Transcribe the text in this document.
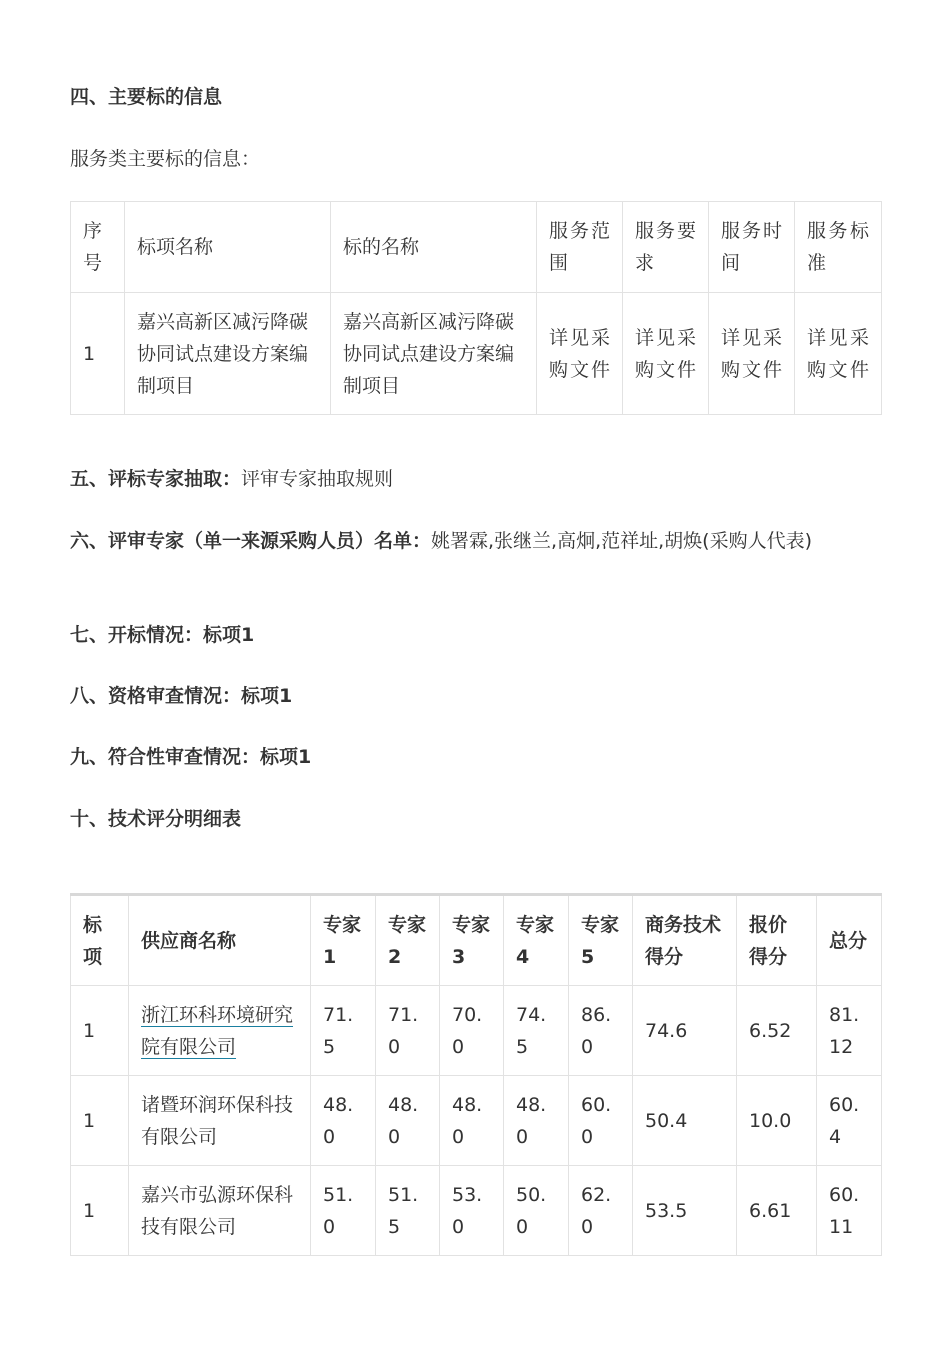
四、主要标的信息
服务类主要标的信息：
序号	标项名称	标的名称	服务范围	服务要求	服务时间	服务标准
1	嘉兴高新区减污降碳协同试点建设方案编制项目	嘉兴高新区减污降碳协同试点建设方案编制项目	详见采购文件	详见采购文件	详见采购文件	详见采购文件
五、评标专家抽取：评审专家抽取规则
六、评审专家（单一来源采购人员）名单：姚署霖,张继兰,高炯,范祥址,胡焕(采购人代表)
七、开标情况：标项1
八、资格审查情况：标项1
九、符合性审查情况：标项1
十、技术评分明细表
标项	供应商名称	专家1	专家2	专家3	专家4	专家5	商务技术得分	报价得分	总分
1	浙江环科环境研究院有限公司	71.5	71.0	70.0	74.5	86.0	74.6	6.52	81.12
1	诸暨环润环保科技有限公司	48.0	48.0	48.0	48.0	60.0	50.4	10.0	60.4
1	嘉兴市弘源环保科技有限公司	51.0	51.5	53.0	50.0	62.0	53.5	6.61	60.11
